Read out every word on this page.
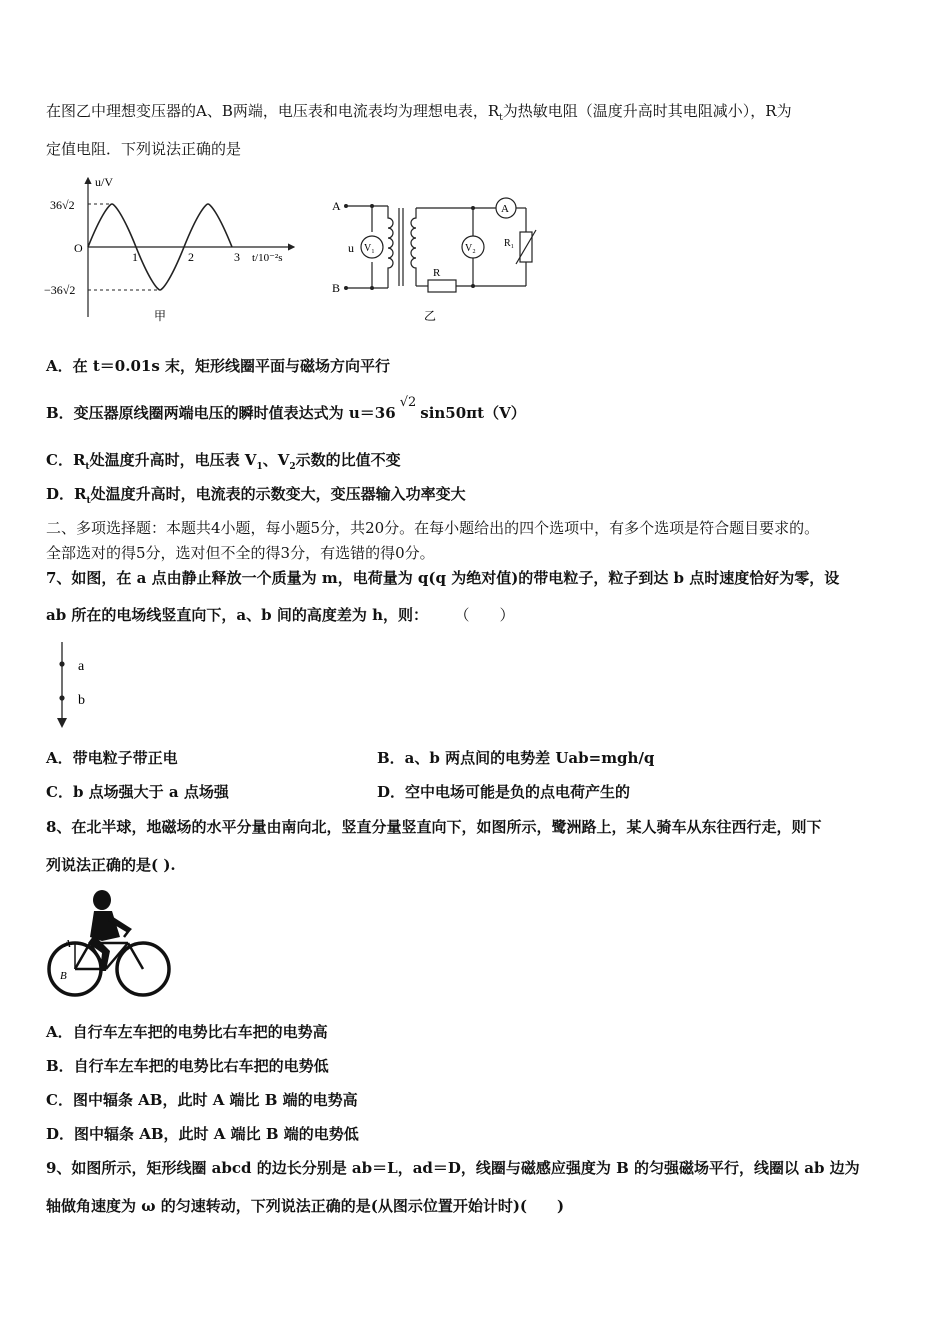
在图乙中理想变压器的A、B两端，电压表和电流表均为理想电表，$R_t$为热敏电阻（温度升高时其电阻减小），R为
定值电阻．下列说法正确的是
u/V
36√2
O
−36√2
1	2	3 t/10⁻²s
甲
A
B
u V₁	V₂
A
R₁
R
乙
A．在 t＝0.01s 末，矩形线圈平面与磁场方向平行
B．变压器原线圈两端电压的瞬时值表达式为 u＝36√2sin50πt（V）
C．$R_t$处温度升高时，电压表 $V_1$、$V_2$示数的比值不变
D．$R_t$处温度升高时，电流表的示数变大，变压器输入功率变大
二、多项选择题：本题共4小题，每小题5分，共20分。在每小题给出的四个选项中，有多个选项是符合题目要求的。
全部选对的得5分，选对但不全的得3分，有选错的得0分。
7、如图，在 a 点由静止释放一个质量为 m，电荷量为 q(q 为绝对值)的带电粒子，粒子到达 b 点时速度恰好为零，设
ab 所在的电场线竖直向下，a、b 间的高度差为 h，则： （　　）
a
b
A．带电粒子带正电	B．a、b 两点间的电势差 Uab=mgh/q
C．b 点场强大于 a 点场强	D．空中电场可能是负的点电荷产生的
8、在北半球，地磁场的水平分量由南向北，竖直分量竖直向下，如图所示，鹭洲路上，某人骑车从东往西行走，则下
列说法正确的是( ).
A
B
A．自行车左车把的电势比右车把的电势高
B．自行车左车把的电势比右车把的电势低
C．图中辐条 AB，此时 A 端比 B 端的电势高
D．图中辐条 AB，此时 A 端比 B 端的电势低
9、如图所示，矩形线圈 abcd 的边长分别是 ab＝L，ad＝D，线圈与磁感应强度为 B 的匀强磁场平行，线圈以 ab 边为
轴做角速度为 ω 的匀速转动，下列说法正确的是(从图示位置开始计时)(　　)
